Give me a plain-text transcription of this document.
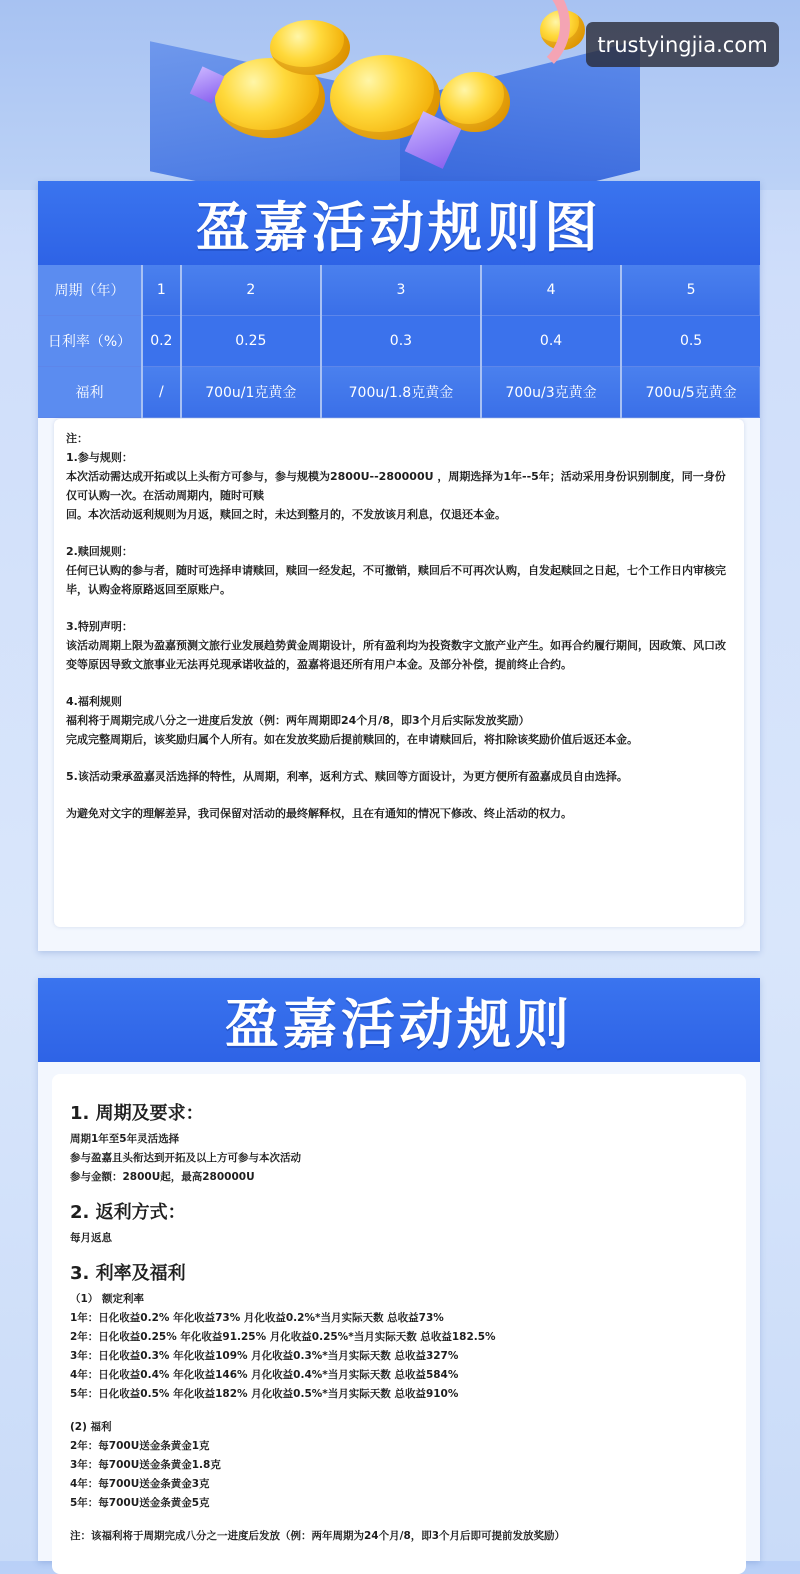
trustyingjia.com
盈嘉活动规则图
周期（年）	1	2	3	4	5
日利率（%）	0.2	0.25	0.3	0.4	0.5
福利	/	700u/1克黄金	700u/1.8克黄金	700u/3克黄金	700u/5克黄金

注：

1.参与规则：

本次活动需达成开拓或以上头衔方可参与，参与规模为2800U--280000U ，周期选择为1年--5年；活动采用身份识别制度，同一身份仅可认购一次。在活动周期内，随时可赎

回。本次活动返利规则为月返，赎回之时，未达到整月的，不发放该月利息，仅退还本金。

2.赎回规则：

任何已认购的参与者，随时可选择申请赎回，赎回一经发起，不可撤销，赎回后不可再次认购，自发起赎回之日起，七个工作日内审核完毕，认购金将原路返回至原账户。

3.特别声明：

该活动周期上限为盈嘉预测文旅行业发展趋势黄金周期设计，所有盈利均为投资数字文旅产业产生。如再合约履行期间，因政策、风口改变等原因导致文旅事业无法再兑现承诺收益的，盈嘉将退还所有用户本金。及部分补偿，提前终止合约。

4.福利规则

福利将于周期完成八分之一进度后发放（例：两年周期即24个月/8，即3个月后实际发放奖励）

完成完整周期后，该奖励归属个人所有。如在发放奖励后提前赎回的，在申请赎回后，将扣除该奖励价值后返还本金。

5.该活动秉承盈嘉灵活选择的特性，从周期，利率，返利方式、赎回等方面设计，为更方便所有盈嘉成员自由选择。

为避免对文字的理解差异，我司保留对活动的最终解释权，且在有通知的情况下修改、终止活动的权力。

盈嘉活动规则

1. 周期及要求：

周期1年至5年灵活选择

参与盈嘉且头衔达到开拓及以上方可参与本次活动

参与金额：2800U起，最高280000U

2. 返利方式：

每月返息

3. 利率及福利

（1） 额定利率

1年：日化收益0.2% 年化收益73% 月化收益0.2%*当月实际天数 总收益73%

2年：日化收益0.25% 年化收益91.25% 月化收益0.25%*当月实际天数 总收益182.5%

3年：日化收益0.3% 年化收益109% 月化收益0.3%*当月实际天数 总收益327%

4年：日化收益0.4% 年化收益146% 月化收益0.4%*当月实际天数 总收益584%

5年：日化收益0.5% 年化收益182% 月化收益0.5%*当月实际天数 总收益910%

(2) 福利

2年：每700U送金条黄金1克

3年：每700U送金条黄金1.8克

4年：每700U送金条黄金3克

5年：每700U送金条黄金5克

注：该福利将于周期完成八分之一进度后发放（例：两年周期为24个月/8，即3个月后即可提前发放奖励）
